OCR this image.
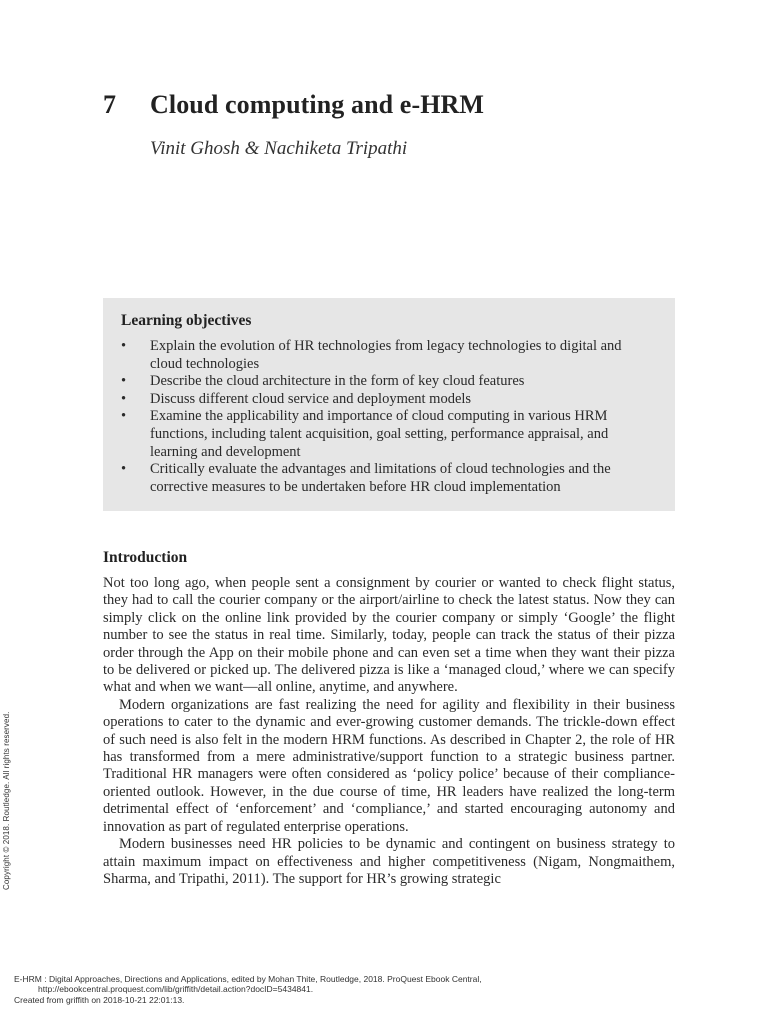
7 Cloud computing and e-HRM
Vinit Ghosh & Nachiketa Tripathi
Learning objectives
• Explain the evolution of HR technologies from legacy technologies to digital and cloud technologies
• Describe the cloud architecture in the form of key cloud features
• Discuss different cloud service and deployment models
• Examine the applicability and importance of cloud computing in various HRM functions, including talent acquisition, goal setting, performance appraisal, and learning and development
• Critically evaluate the advantages and limitations of cloud technologies and the corrective measures to be undertaken before HR cloud implementation
Introduction

Not too long ago, when people sent a consignment by courier or wanted to check flight status, they had to call the courier company or the airport/airline to check the latest status. Now they can simply click on the online link provided by the courier company or simply ‘Google’ the flight number to see the status in real time. Similarly, today, people can track the status of their pizza order through the App on their mobile phone and can even set a time when they want their pizza to be delivered or picked up. The delivered pizza is like a ‘managed cloud,’ where we can specify what and when we want—all online, anytime, and anywhere.

Modern organizations are fast realizing the need for agility and flexibility in their business operations to cater to the dynamic and ever-growing customer demands. The trickle-down effect of such need is also felt in the modern HRM functions. As described in Chapter 2, the role of HR has transformed from a mere administrative/support function to a strategic business partner. Traditional HR managers were often considered as ‘policy police’ because of their compliance-oriented outlook. However, in the due course of time, HR leaders have realized the long-term detrimental effect of ‘enforcement’ and ‘compliance,’ and started encouraging autonomy and innovation as part of regulated enterprise operations.

Modern businesses need HR policies to be dynamic and contingent on business strategy to attain maximum impact on effectiveness and higher competitiveness (Nigam, Nongmaithem, Sharma, and Tripathi, 2011). The support for HR’s growing strategic

Copyright © 2018. Routledge. All rights reserved.
E-HRM : Digital Approaches, Directions and Applications, edited by Mohan Thite, Routledge, 2018. ProQuest Ebook Central,
http://ebookcentral.proquest.com/lib/griffith/detail.action?docID=5434841.
Created from griffith on 2018-10-21 22:01:13.
